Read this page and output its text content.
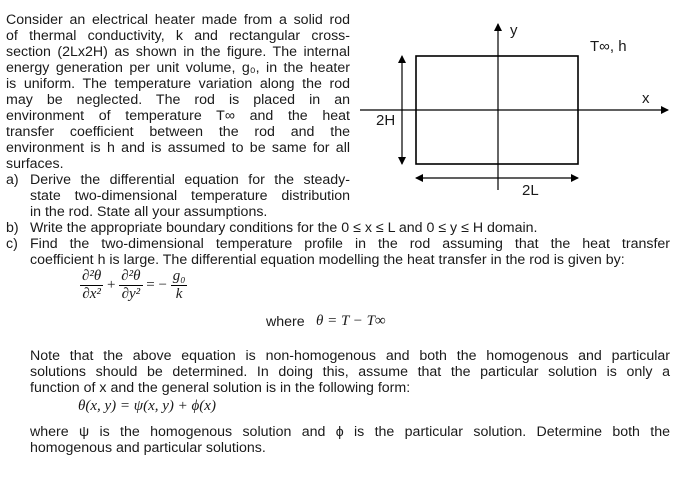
Consider an electrical heater made from a solid rod
of thermal conductivity, k and rectangular cross-
section (2Lx2H) as shown in the figure. The internal
energy generation per unit volume, g₀, in the heater
is uniform. The temperature variation along the rod
may be neglected. The rod is placed in an
environment of temperature T∞ and the heat
transfer coefficient between the rod and the
environment is h and is assumed to be same for all
surfaces.
a) Derive the differential equation for the steady-
state two-dimensional temperature distribution
in the rod. State all your assumptions.
b) Write the appropriate boundary conditions for the 0 ≤ x ≤ L and 0 ≤ y ≤ H domain.
c) Find the two-dimensional temperature profile in the rod assuming that the heat transfer
coefficient h is large. The differential equation modelling the heat transfer in the rod is given by:
$\frac{\text{∂²θ}}{\text{∂x²}} + \frac{\text{∂²θ}}{\text{∂y²}}$ = − $\frac{\text{g₀}}{k}$
where θ = T − T∞
Note that the above equation is non-homogenous and both the homogenous and particular
solutions should be determined. In doing this, assume that the particular solution is only a
function of x and the general solution is in the following form:
θ(x, y) = ψ(x, y) + ϕ(x)
where ψ is the homogenous solution and ϕ is the particular solution. Determine both the
homogenous and particular solutions.
y
x
T∞, h
2H
2L
